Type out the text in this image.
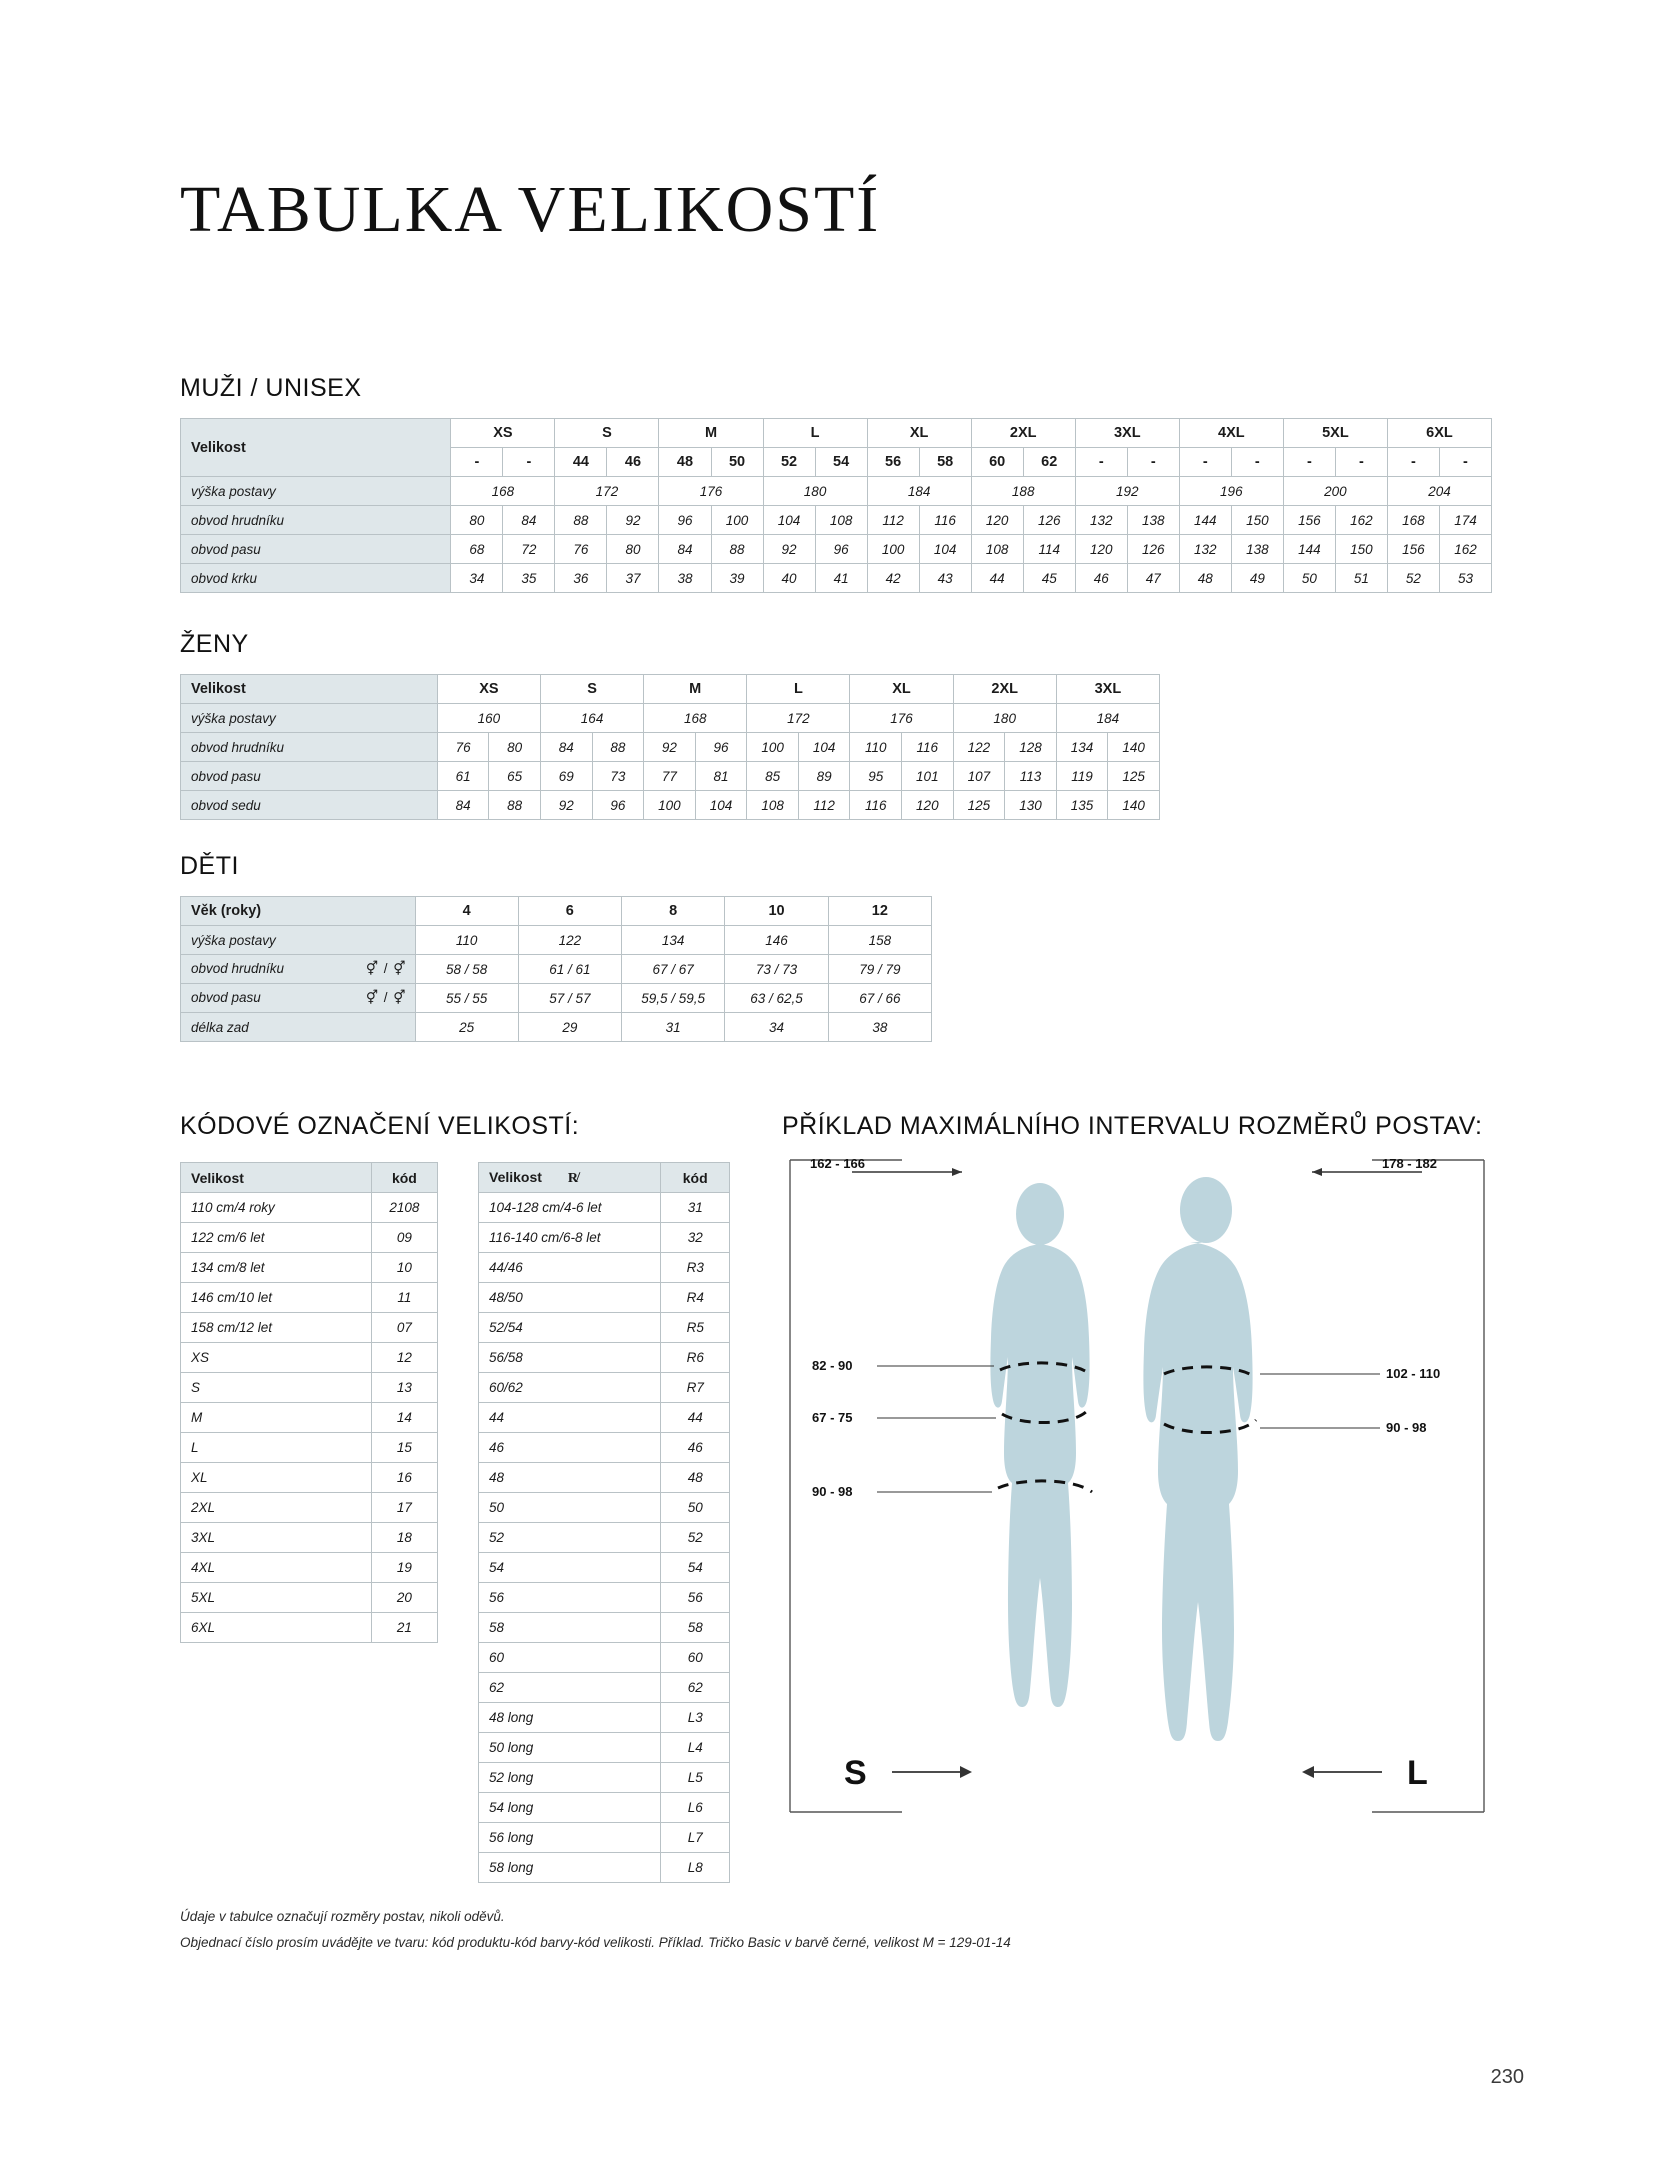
TABULKA VELIKOSTÍ
MUŽI / UNISEX
Velikost	XS		S		M		L		XL		2XL		3XL		4XL		5XL		6XL	
	-	-	44	46	48	50	52	54	56	58	60	62	-	-	-	-	-	-	-	-
výška postavy	168		172		176		180		184		188		192		196		200		204	
obvod hrudníku	80	84	88	92	96	100	104	108	112	116	120	126	132	138	144	150	156	162	168	174
obvod pasu	68	72	76	80	84	88	92	96	100	104	108	114	120	126	132	138	144	150	156	162
obvod krku	34	35	36	37	38	39	40	41	42	43	44	45	46	47	48	49	50	51	52	53
ŽENY
Velikost	XS		S		M		L		XL		2XL		3XL	
výška postavy	160		164		168		172		176		180		184	
obvod hrudníku	76	80	84	88	92	96	100	104	110	116	122	128	134	140
obvod pasu	61	65	69	73	77	81	85	89	95	101	107	113	119	125
obvod sedu	84	88	92	96	100	104	108	112	116	120	125	130	135	140
DĚTI
Věk (roky)	4	6	8	10	12
výška postavy	110	122	134	146	158
obvod hrudníku ⚥ / ⚥	58 / 58	61 / 61	67 / 67	73 / 73	79 / 79
obvod pasu ⚥ / ⚥	55 / 55	57 / 57	59,5 / 59,5	63 / 62,5	67 / 66
délka zad	25	29	31	34	38
KÓDOVÉ OZNAČENÍ VELIKOSTÍ:
Velikost	kód
110 cm/4 roky	2108
122 cm/6 let	09
134 cm/8 let	10
146 cm/10 let	11
158 cm/12 let	07
XS	12
S	13
M	14
L	15
XL	16
2XL	17
3XL	18
4XL	19
5XL	20
6XL	21
Velikost R̸	kód
104-128 cm/4-6 let	31
116-140 cm/6-8 let	32
44/46	R3
48/50	R4
52/54	R5
56/58	R6
60/62	R7
44	44
46	46
48	48
50	50
52	52
54	54
56	56
58	58
60	60
62	62
48 long	L3
50 long	L4
52 long	L5
54 long	L6
56 long	L7
58 long	L8
PŘÍKLAD MAXIMÁLNÍHO INTERVALU ROZMĚRŮ POSTAV:
162 - 166	178 - 182
82 - 90
67 - 75
90 - 98
102 - 110
90 - 98
S	L
Údaje v tabulce označují rozměry postav, nikoli oděvů.
Objednací číslo prosím uvádějte ve tvaru: kód produktu-kód barvy-kód velikosti. Příklad. Tričko Basic v barvě černé, velikost M = 129-01-14
230
